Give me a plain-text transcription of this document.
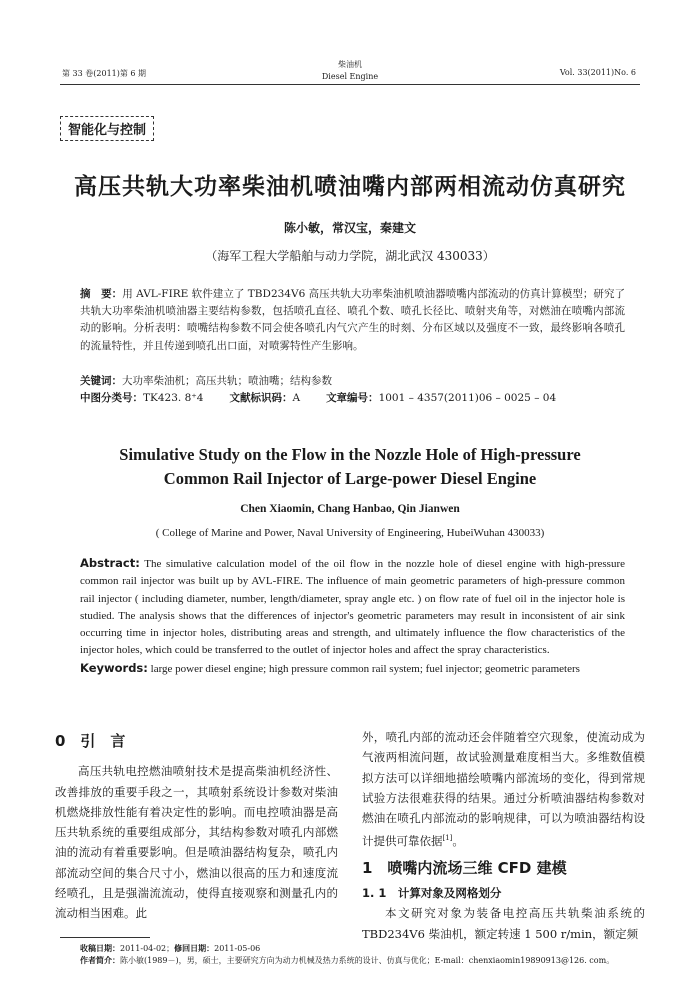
第 33 卷(2011)第 6 期
柴油机
Diesel Engine	Vol. 33(2011)No. 6
智能化与控制
高压共轨大功率柴油机喷油嘴内部两相流动仿真研究
陈小敏，常汉宝，秦建文
（海军工程大学船舶与动力学院，湖北武汉 430033）
摘　要：用 AVL-FIRE 软件建立了 TBD234V6 高压共轨大功率柴油机喷油器喷嘴内部流动的仿真计算模型；研究了共轨大功率柴油机喷油器主要结构参数，包括喷孔直径、喷孔个数、喷孔长径比、喷射夹角等，对燃油在喷嘴内部流动的影响。分析表明：喷嘴结构参数不同会使各喷孔内气穴产生的时刻、分布区域以及强度不一致，最终影响各喷孔的流量特性，并且传递到喷孔出口面，对喷雾特性产生影响。
关键词：大功率柴油机；高压共轨；喷油嘴；结构参数
中图分类号：TK423. 8⁺4 文献标识码：A 文章编号：1001 – 4357(2011)06 – 0025 – 04
Simulative Study on the Flow in the Nozzle Hole of High-pressure
Common Rail Injector of Large-power Diesel Engine
Chen Xiaomin, Chang Hanbao, Qin Jianwen
( College of Marine and Power, Naval University of Engineering, HubeiWuhan 430033)
Abstract: The simulative calculation model of the oil flow in the nozzle hole of diesel engine with high-pressure common rail injector was built up by AVL-FIRE. The influence of main geometric parameters of high-pressure common rail injector ( including diameter, number, length/diameter, spray angle etc. ) on flow rate of fuel oil in the injector hole is studied. The analysis shows that the differences of injector's geometric parameters may result in inconsistent of air sink occurring time in injector holes, distributing areas and strength, and ultimately influence the flow characteristics of the injector holes, which could be transferred to the outlet of injector holes and affect the spray characteristics.
Keywords: large power diesel engine; high pressure common rail system; fuel injector; geometric parameters
0　引　言
高压共轨电控燃油喷射技术是提高柴油机经济性、改善排放的重要手段之一，其喷射系统设计参数对柴油机燃烧排放性能有着决定性的影响。而电控喷油器是高压共轨系统的重要组成部分，其结构参数对喷孔内部燃油的流动有着重要影响。但是喷油器结构复杂，喷孔内部流动空间的集合尺寸小，燃油以很高的压力和速度流经喷孔，且是强湍流流动，使得直接观察和测量孔内的流动相当困难。此
外，喷孔内部的流动还会伴随着空穴现象，使流动成为气液两相流问题，故试验测量难度相当大。多维数值模拟方法可以详细地描绘喷嘴内部流场的变化，得到常规试验方法很难获得的结果。通过分析喷油器结构参数对燃油在喷孔内部流动的影响规律，可以为喷油器结构设计提供可靠依据[1]。
1　喷嘴内流场三维 CFD 建模
1. 1　计算对象及网格划分
本文研究对象为装备电控高压共轨柴油系统的 TBD234V6 柴油机，额定转速 1 500 r/min，额定频
收稿日期：2011-04-02；修回日期：2011-05-06
作者简介：陈小敏(1989－)，男，硕士，主要研究方向为动力机械及热力系统的设计、仿真与优化；E-mail：chenxiaomin19890913@126. com。
